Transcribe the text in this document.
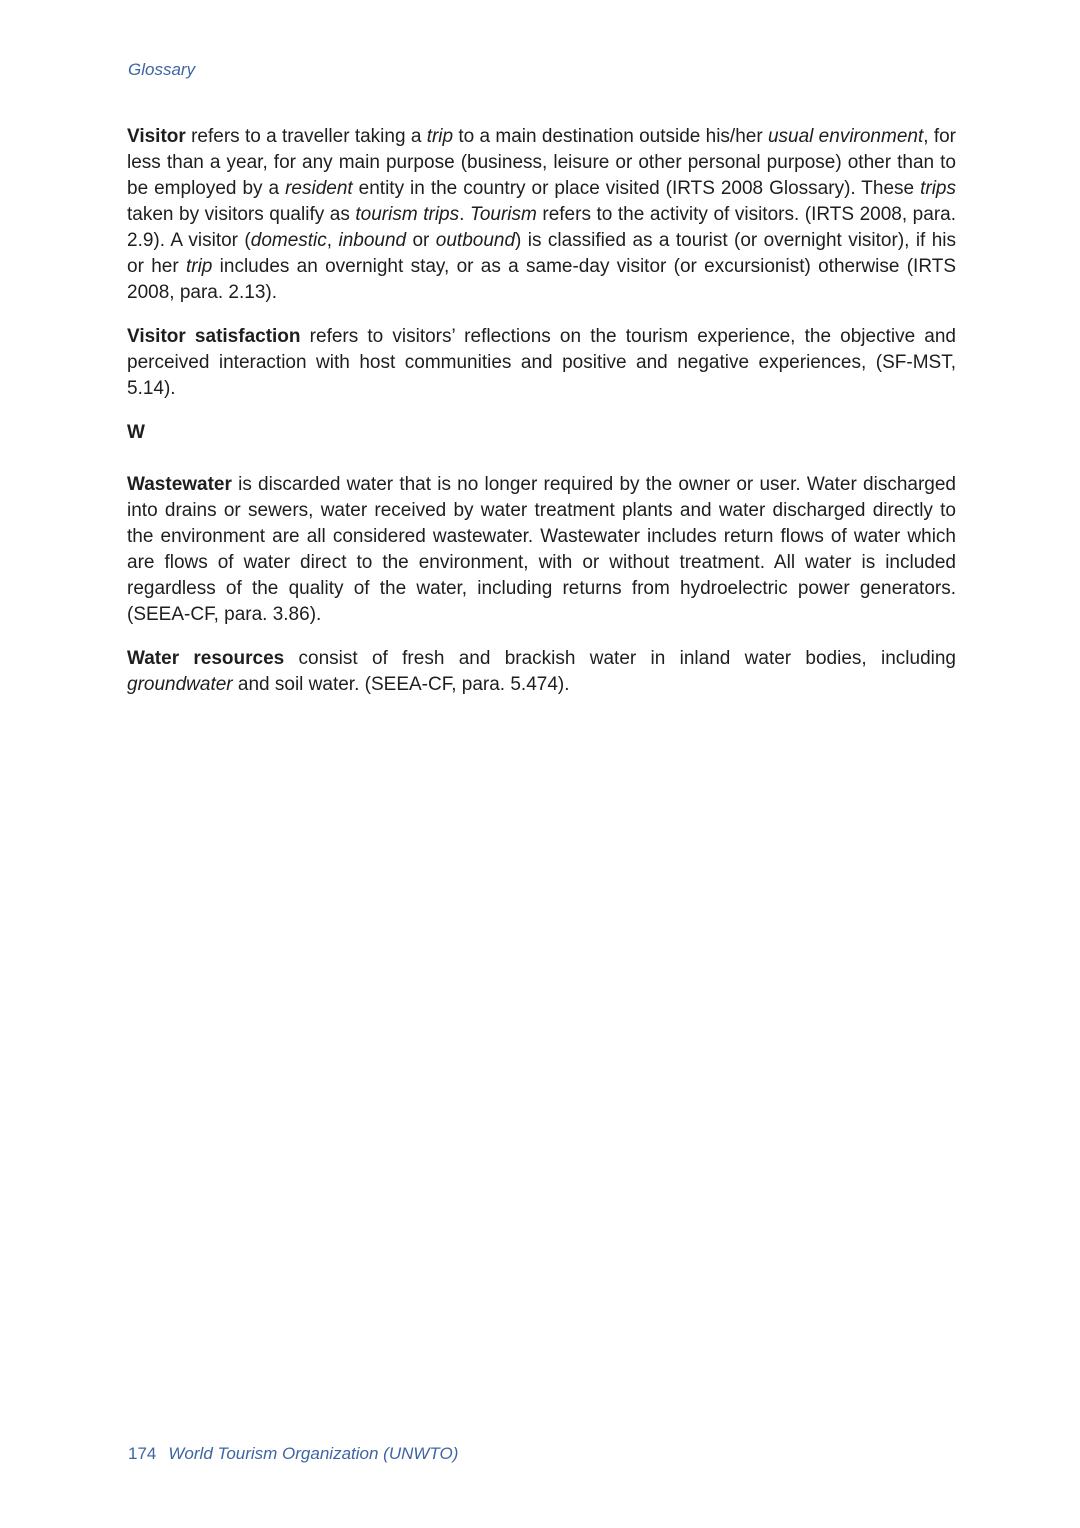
Glossary

Visitor refers to a traveller taking a trip to a main destination outside his/her usual environment, for less than a year, for any main purpose (business, leisure or other personal purpose) other than to be employed by a resident entity in the country or place visited (IRTS 2008 Glossary). These trips taken by visitors qualify as tourism trips. Tourism refers to the activity of visitors. (IRTS 2008, para. 2.9). A visitor (domestic, inbound or outbound) is classified as a tourist (or overnight visitor), if his or her trip includes an overnight stay, or as a same-day visitor (or excursionist) otherwise (IRTS 2008, para. 2.13).

Visitor satisfaction refers to visitors’ reflections on the tourism experience, the objective and perceived interaction with host communities and positive and negative experiences, (SF-MST, 5.14).

W

Wastewater is discarded water that is no longer required by the owner or user. Water discharged into drains or sewers, water received by water treatment plants and water discharged directly to the environment are all considered wastewater. Wastewater includes return flows of water which are flows of water direct to the environment, with or without treatment. All water is included regardless of the quality of the water, including returns from hydroelectric power generators. (SEEA-CF, para. 3.86).

Water resources consist of fresh and brackish water in inland water bodies, including groundwater and soil water. (SEEA-CF, para. 5.474).

174 World Tourism Organization (UNWTO)
